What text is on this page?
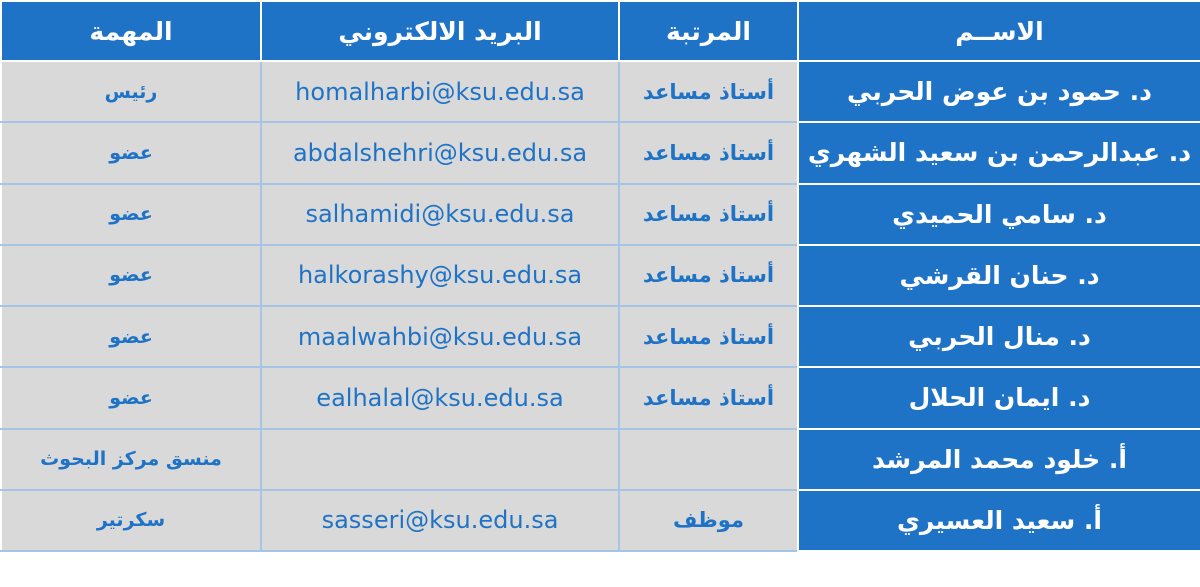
الاســم	المرتبة	البريد الالكتروني	المهمة
د. حمود بن عوض الحربي	أستاذ مساعد	homalharbi@ksu.edu.sa	رئيس
د. عبدالرحمن بن سعيد الشهري	أستاذ مساعد	abdalshehri@ksu.edu.sa	عضو
د. سامي الحميدي	أستاذ مساعد	salhamidi@ksu.edu.sa	عضو
د. حنان القرشي	أستاذ مساعد	halkorashy@ksu.edu.sa	عضو
د. منال الحربي	أستاذ مساعد	maalwahbi@ksu.edu.sa	عضو
د. ايمان الحلال	أستاذ مساعد	ealhalal@ksu.edu.sa	عضو
أ. خلود محمد المرشد			منسق مركز البحوث
أ. سعيد العسيري	موظف	sasseri@ksu.edu.sa	سكرتير
